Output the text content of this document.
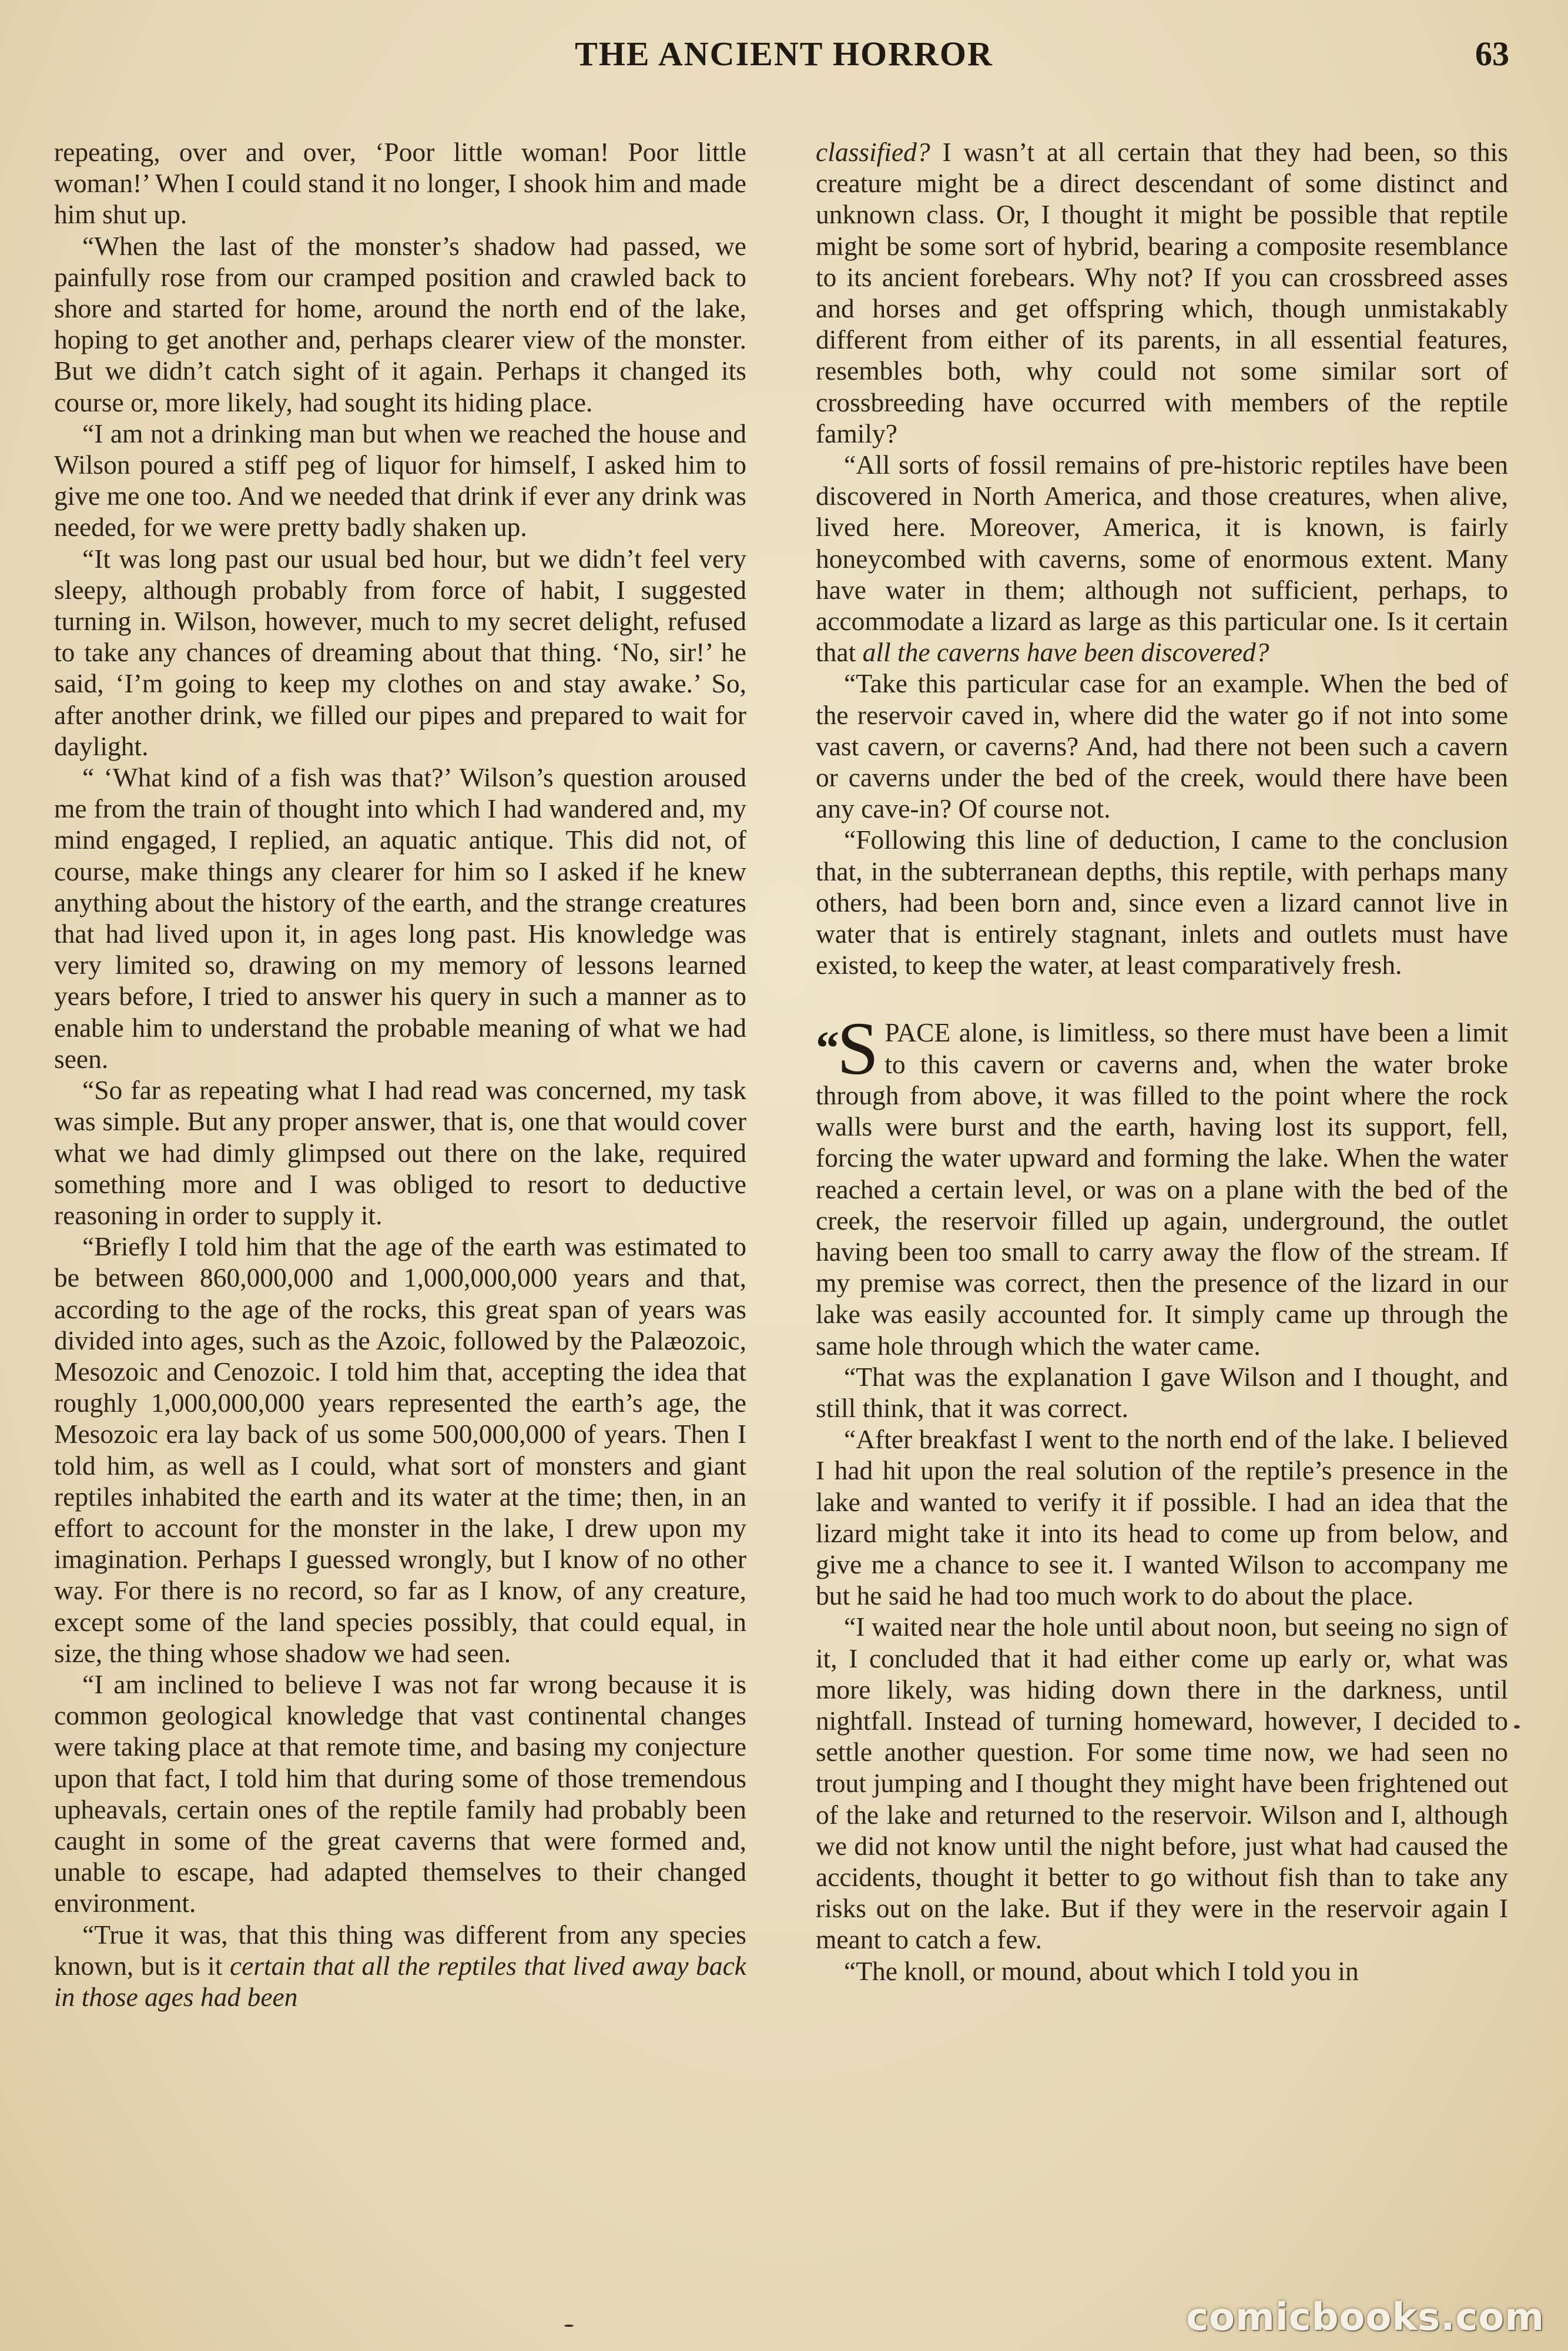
THE ANCIENT HORROR	63

repeating, over and over, ‘Poor little woman! Poor little woman!’ When I could stand it no longer, I shook him and made him shut up.

“When the last of the monster’s shadow had passed, we painfully rose from our cramped position and crawled back to shore and started for home, around the north end of the lake, hoping to get another and, perhaps clearer view of the monster. But we didn’t catch sight of it again. Perhaps it changed its course or, more likely, had sought its hiding place.

“I am not a drinking man but when we reached the house and Wilson poured a stiff peg of liquor for himself, I asked him to give me one too. And we needed that drink if ever any drink was needed, for we were pretty badly shaken up.

“It was long past our usual bed hour, but we didn’t feel very sleepy, although probably from force of habit, I suggested turning in. Wilson, however, much to my secret delight, refused to take any chances of dreaming about that thing. ‘No, sir!’ he said, ‘I’m going to keep my clothes on and stay awake.’ So, after another drink, we filled our pipes and prepared to wait for daylight.

“ ‘What kind of a fish was that?’ Wilson’s question aroused me from the train of thought into which I had wandered and, my mind engaged, I replied, an aquatic antique. This did not, of course, make things any clearer for him so I asked if he knew anything about the history of the earth, and the strange creatures that had lived upon it, in ages long past. His knowledge was very limited so, drawing on my memory of lessons learned years before, I tried to answer his query in such a manner as to enable him to understand the probable meaning of what we had seen.

“So far as repeating what I had read was concerned, my task was simple. But any proper answer, that is, one that would cover what we had dimly glimpsed out there on the lake, required something more and I was obliged to resort to deductive reasoning in order to supply it.

“Briefly I told him that the age of the earth was estimated to be between 860,000,000 and 1,000,000,000 years and that, according to the age of the rocks, this great span of years was divided into ages, such as the Azoic, followed by the Palæozoic, Mesozoic and Cenozoic. I told him that, accepting the idea that roughly 1,000,000,000 years represented the earth’s age, the Mesozoic era lay back of us some 500,000,000 of years. Then I told him, as well as I could, what sort of monsters and giant reptiles inhabited the earth and its water at the time; then, in an effort to account for the monster in the lake, I drew upon my imagination. Perhaps I guessed wrongly, but I know of no other way. For there is no record, so far as I know, of any creature, except some of the land species possibly, that could equal, in size, the thing whose shadow we had seen.

“I am inclined to believe I was not far wrong because it is common geological knowledge that vast continental changes were taking place at that remote time, and basing my conjecture upon that fact, I told him that during some of those tremendous upheavals, certain ones of the reptile family had probably been caught in some of the great caverns that were formed and, unable to escape, had adapted themselves to their changed environment.

“True it was, that this thing was different from any species known, but is it certain that all the reptiles that lived away back in those ages had been

classified? I wasn’t at all certain that they had been, so this creature might be a direct descendant of some distinct and unknown class. Or, I thought it might be possible that reptile might be some sort of hybrid, bearing a composite resemblance to its ancient forebears. Why not? If you can crossbreed asses and horses and get offspring which, though unmistakably different from either of its parents, in all essential features, resembles both, why could not some similar sort of crossbreeding have occurred with members of the reptile family?

“All sorts of fossil remains of pre-historic reptiles have been discovered in North America, and those creatures, when alive, lived here. Moreover, America, it is known, is fairly honeycombed with caverns, some of enormous extent. Many have water in them; although not sufficient, perhaps, to accommodate a lizard as large as this particular one. Is it certain that all the caverns have been discovered?

“Take this particular case for an example. When the bed of the reservoir caved in, where did the water go if not into some vast cavern, or caverns? And, had there not been such a cavern or caverns under the bed of the creek, would there have been any cave-in? Of course not.

“Following this line of deduction, I came to the conclusion that, in the subterranean depths, this reptile, with perhaps many others, had been born and, since even a lizard cannot live in water that is entirely stagnant, inlets and outlets must have existed, to keep the water, at least comparatively fresh.

“S PACE alone, is limitless, so there must have been a limit to this cavern or caverns and, when the water broke through from above, it was filled to the point where the rock walls were burst and the earth, having lost its support, fell, forcing the water upward and forming the lake. When the water reached a certain level, or was on a plane with the bed of the creek, the reservoir filled up again, underground, the outlet having been too small to carry away the flow of the stream. If my premise was correct, then the presence of the lizard in our lake was easily accounted for. It simply came up through the same hole through which the water came.

“That was the explanation I gave Wilson and I thought, and still think, that it was correct.

“After breakfast I went to the north end of the lake. I believed I had hit upon the real solution of the reptile’s presence in the lake and wanted to verify it if possible. I had an idea that the lizard might take it into its head to come up from below, and give me a chance to see it. I wanted Wilson to accompany me but he said he had too much work to do about the place.

“I waited near the hole until about noon, but seeing no sign of it, I concluded that it had either come up early or, what was more likely, was hiding down there in the darkness, until nightfall. Instead of turning homeward, however, I decided to settle another question. For some time now, we had seen no trout jumping and I thought they might have been frightened out of the lake and returned to the reservoir. Wilson and I, although we did not know until the night before, just what had caused the accidents, thought it better to go without fish than to take any risks out on the lake. But if they were in the reservoir again I meant to catch a few.

“The knoll, or mound, about which I told you in

comicbooks.com
